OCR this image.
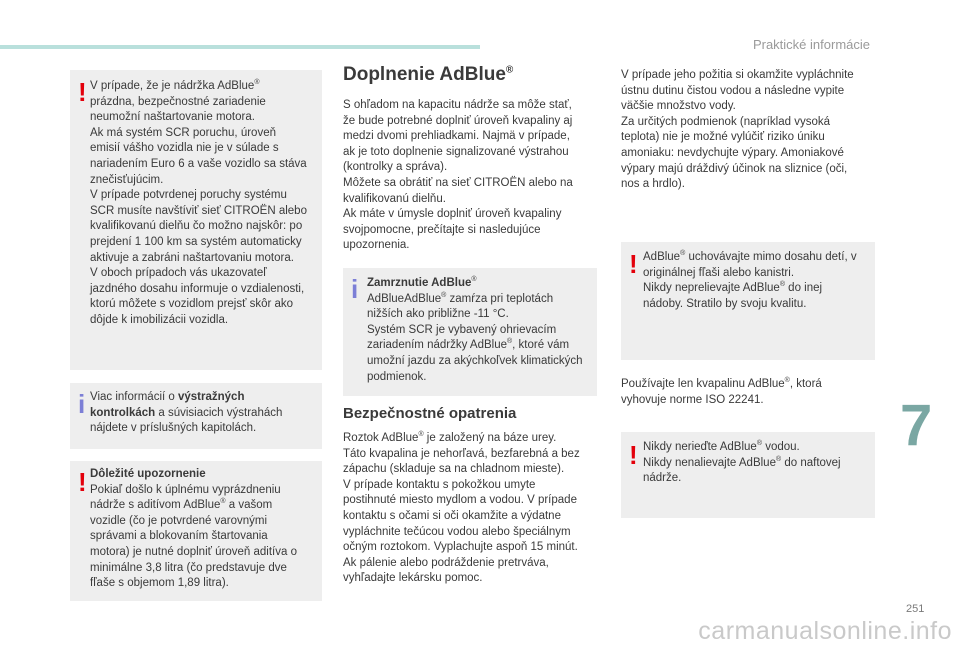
Praktické informácie
! V prípade, že je nádržka AdBlue®

prázdna, bezpečnostné zariadenie

neumožní naštartovanie motora.

Ak má systém SCR poruchu, úroveň

emisií vášho vozidla nie je v súlade s

nariadením Euro 6 a vaše vozidlo sa stáva

znečisťujúcim.

V prípade potvrdenej poruchy systému

SCR musíte navštíviť sieť CITROËN alebo

kvalifikovanú dielňu čo možno najskôr: po

prejdení 1 100 km sa systém automaticky

aktivuje a zabráni naštartovaniu motora.

V oboch prípadoch vás ukazovateľ

jazdného dosahu informuje o vzdialenosti,

ktorú môžete s vozidlom prejsť skôr ako

dôjde k imobilizácii vozidla.

i Viac informácií o výstražných

kontrolkách a súvisiacich výstrahách

nájdete v príslušných kapitolách.

! Dôležité upozornenie

Pokiaľ došlo k úplnému vyprázdneniu

nádrže s aditívom AdBlue® a vašom

vozidle (čo je potvrdené varovnými

správami a blokovaním štartovania

motora) je nutné doplniť úroveň aditíva o

minimálne 3,8 litra (čo predstavuje dve

fľaše s objemom 1,89 litra).

Doplnenie AdBlue®

S ohľadom na kapacitu nádrže sa môže stať,

že bude potrebné doplniť úroveň kvapaliny aj

medzi dvomi prehliadkami. Najmä v prípade,

ak je toto doplnenie signalizované výstrahou

(kontrolky a správa).

Môžete sa obrátiť na sieť CITROËN alebo na

kvalifikovanú dielňu.

Ak máte v úmysle doplniť úroveň kvapaliny

svojpomocne, prečítajte si nasledujúce

upozornenia.

i Zamrznutie AdBlue®

AdBlueAdBlue® zamŕza pri teplotách

nižších ako približne -11 °C.

Systém SCR je vybavený ohrievacím

zariadením nádržky AdBlue®, ktoré vám

umožní jazdu za akýchkoľvek klimatických

podmienok.

Bezpečnostné opatrenia

Roztok AdBlue® je založený na báze urey.

Táto kvapalina je nehorľavá, bezfarebná a bez

zápachu (skladuje sa na chladnom mieste).

V prípade kontaktu s pokožkou umyte

postihnuté miesto mydlom a vodou. V prípade

kontaktu s očami si oči okamžite a výdatne

vypláchnite tečúcou vodou alebo špeciálnym

očným roztokom. Vyplachujte aspoň 15 minút.

Ak pálenie alebo podráždenie pretrváva,

vyhľadajte lekársku pomoc.

V prípade jeho požitia si okamžite vypláchnite

ústnu dutinu čistou vodou a následne vypite

väčšie množstvo vody.

Za určitých podmienok (napríklad vysoká

teplota) nie je možné vylúčiť riziko úniku

amoniaku: nevdychujte výpary. Amoniakové

výpary majú dráždivý účinok na sliznice (oči,

nos a hrdlo).

! AdBlue® uchovávajte mimo dosahu detí, v

originálnej fľaši alebo kanistri.

Nikdy neprelievajte AdBlue® do inej

nádoby. Stratilo by svoju kvalitu.

Používajte len kvapalinu AdBlue®, ktorá

vyhovuje norme ISO 22241.

! Nikdy nerieďte AdBlue® vodou.

Nikdy nenalievajte AdBlue® do naftovej

nádrže.

7
251
carmanualsonline.info
